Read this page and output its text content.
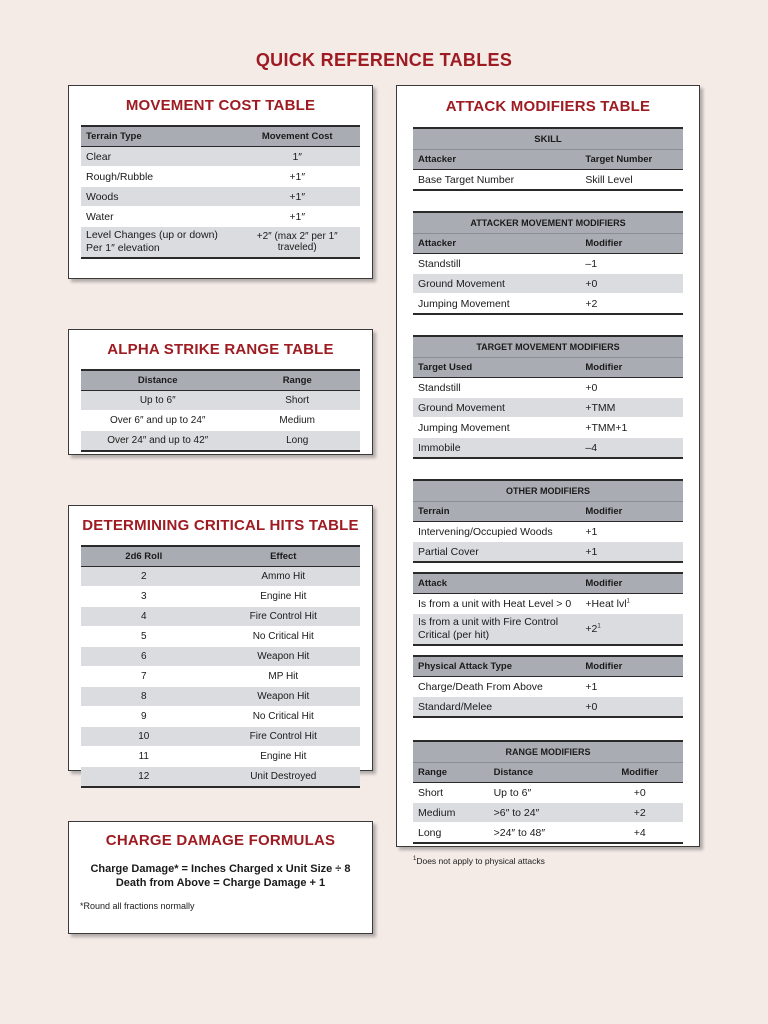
QUICK REFERENCE TABLES
MOVEMENT COST TABLE
Terrain Type	Movement Cost
Clear	1″
Rough/Rubble	+1″
Woods	+1″
Water	+1″
Level Changes (up or down) Per 1″ elevation	+2″ (max 2″ per 1″ traveled)
ALPHA STRIKE RANGE TABLE
Distance	Range
Up to 6″	Short
Over 6″ and up to 24″	Medium
Over 24″ and up to 42″	Long
DETERMINING CRITICAL HITS TABLE
2d6 Roll	Effect
2	Ammo Hit
3	Engine Hit
4	Fire Control Hit
5	No Critical Hit
6	Weapon Hit
7	MP Hit
8	Weapon Hit
9	No Critical Hit
10	Fire Control Hit
11	Engine Hit
12	Unit Destroyed
CHARGE DAMAGE FORMULAS
Charge Damage* = Inches Charged x Unit Size ÷ 8
Death from Above = Charge Damage + 1
*Round all fractions normally
ATTACK MODIFIERS TABLE
SKILL	
Attacker	Target Number
Base Target Number	Skill Level
ATTACKER MOVEMENT MODIFIERS	
Attacker	Modifier
Standstill	–1
Ground Movement	+0
Jumping Movement	+2
TARGET MOVEMENT MODIFIERS	
Target Used	Modifier
Standstill	+0
Ground Movement	+TMM
Jumping Movement	+TMM+1
Immobile	–4
OTHER MODIFIERS	
Terrain	Modifier
Intervening/Occupied Woods	+1
Partial Cover	+1
Attack	Modifier
Is from a unit with Heat Level > 0	+Heat lvl$^1$
Is from a unit with Fire Control Critical (per hit)	$+2^1$
Physical Attack Type	Modifier
Charge/Death From Above	+1
Standard/Melee	+0
RANGE MODIFIERS		
Range	Distance	Modifier
Short	Up to 6″	+0
Medium	>6″ to 24″	+2
Long	>24″ to 48″	+4
$^1$Does not apply to physical attacks
